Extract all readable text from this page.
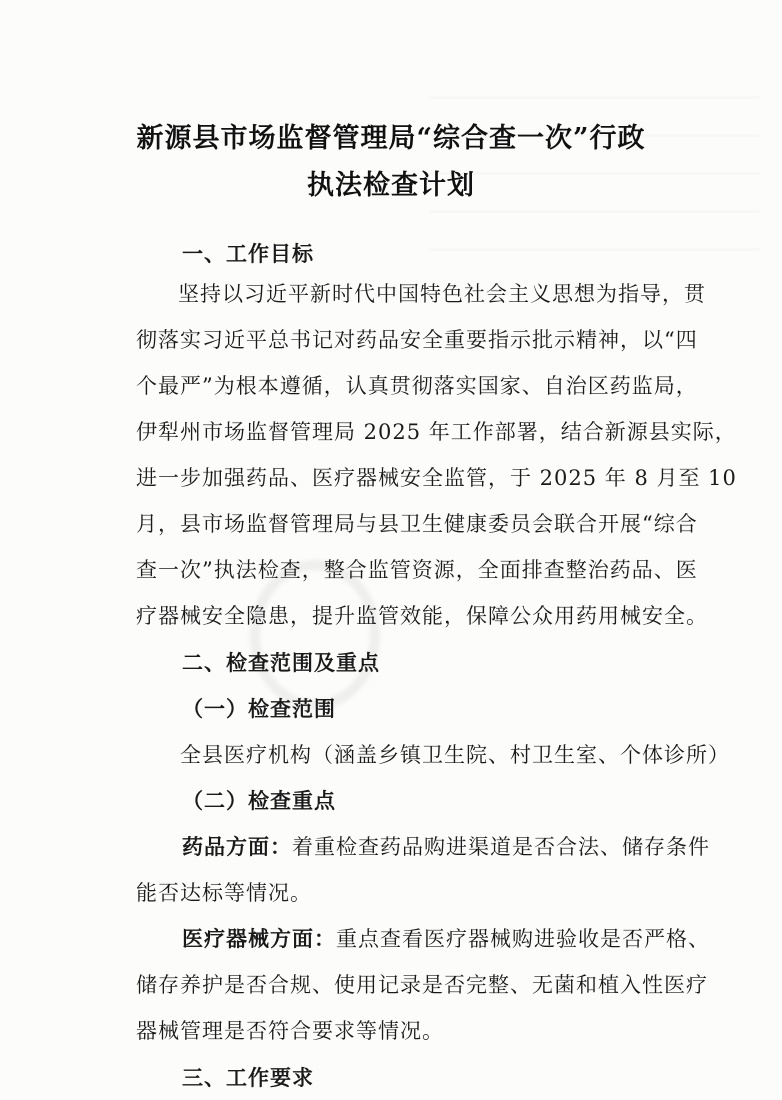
新源县市场监督管理局“综合查一次”行政
执法检查计划

一、工作目标

坚持以习近平新时代中国特色社会主义思想为指导，贯

彻落实习近平总书记对药品安全重要指示批示精神，以“四

个最严”为根本遵循，认真贯彻落实国家、自治区药监局，

伊犁州市场监督管理局 2025 年工作部署，结合新源县实际，

进一步加强药品、医疗器械安全监管，于 2025 年 8 月至 10

月，县市场监督管理局与县卫生健康委员会联合开展“综合

查一次”执法检查，整合监管资源，全面排查整治药品、医

疗器械安全隐患，提升监管效能，保障公众用药用械安全。

二、检查范围及重点

（一）检查范围

全县医疗机构（涵盖乡镇卫生院、村卫生室、个体诊所）

（二）检查重点

药品方面：着重检查药品购进渠道是否合法、储存条件

能否达标等情况。

医疗器械方面：重点查看医疗器械购进验收是否严格、

储存养护是否合规、使用记录是否完整、无菌和植入性医疗

器械管理是否符合要求等情况。

三、工作要求
